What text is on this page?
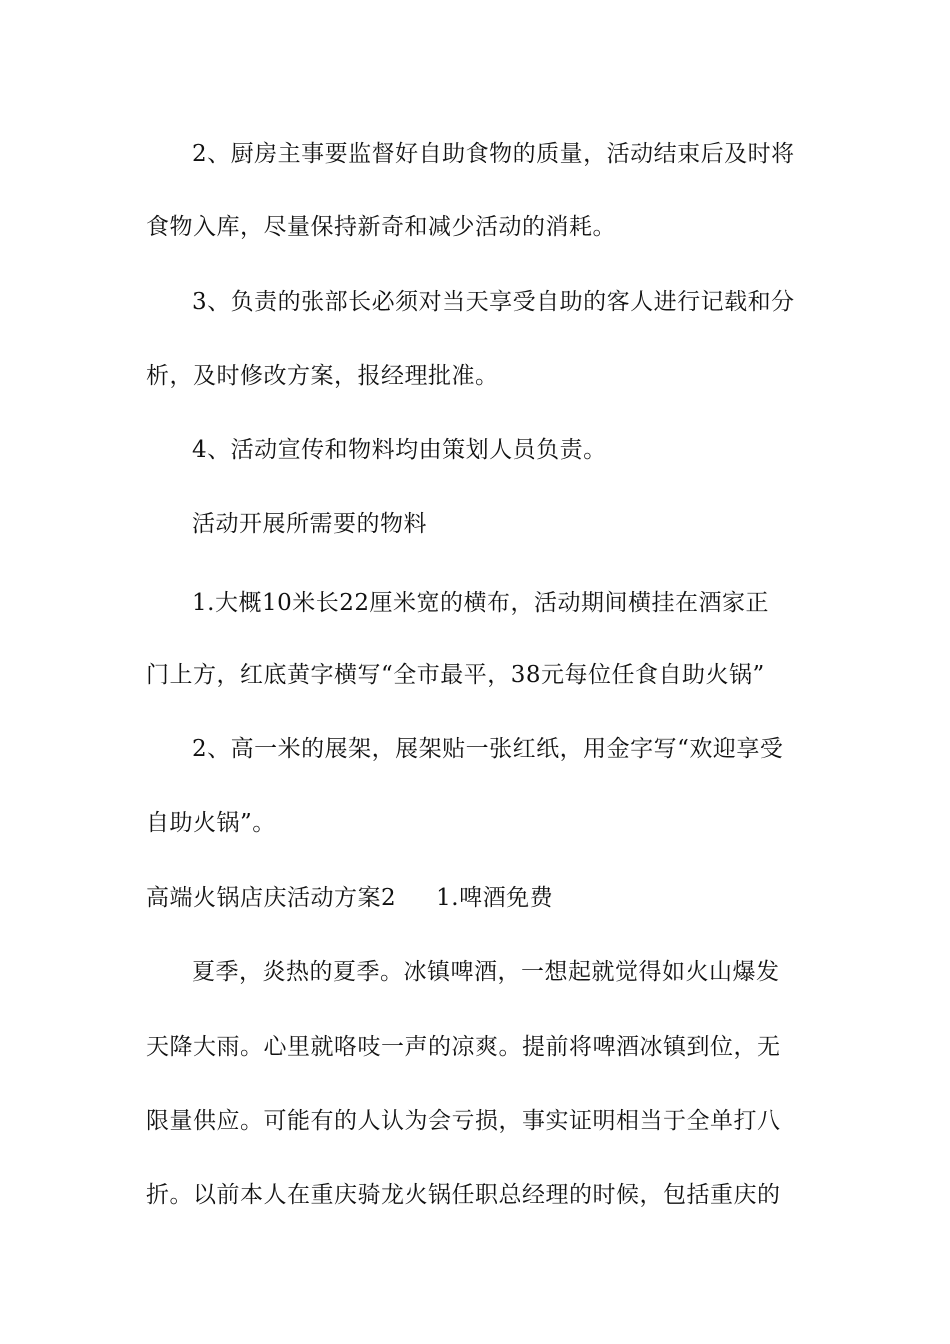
2、厨房主事要监督好自助食物的质量，活动结束后及时将
食物入库，尽量保持新奇和减少活动的消耗。
3、负责的张部长必须对当天享受自助的客人进行记载和分
析，及时修改方案，报经理批准。
4、活动宣传和物料均由策划人员负责。
活动开展所需要的物料
1.大概10米长22厘米宽的横布，活动期间横挂在酒家正
门上方，红底黄字横写“全市最平，38元每位任食自助火锅”
2、高一米的展架，展架贴一张红纸，用金字写“欢迎享受
自助火锅”。
高端火锅店庆活动方案2 1.啤酒免费
夏季，炎热的夏季。冰镇啤酒，一想起就觉得如火山爆发
天降大雨。心里就咯吱一声的凉爽。提前将啤酒冰镇到位，无
限量供应。可能有的人认为会亏损，事实证明相当于全单打八
折。以前本人在重庆骑龙火锅任职总经理的时候，包括重庆的
